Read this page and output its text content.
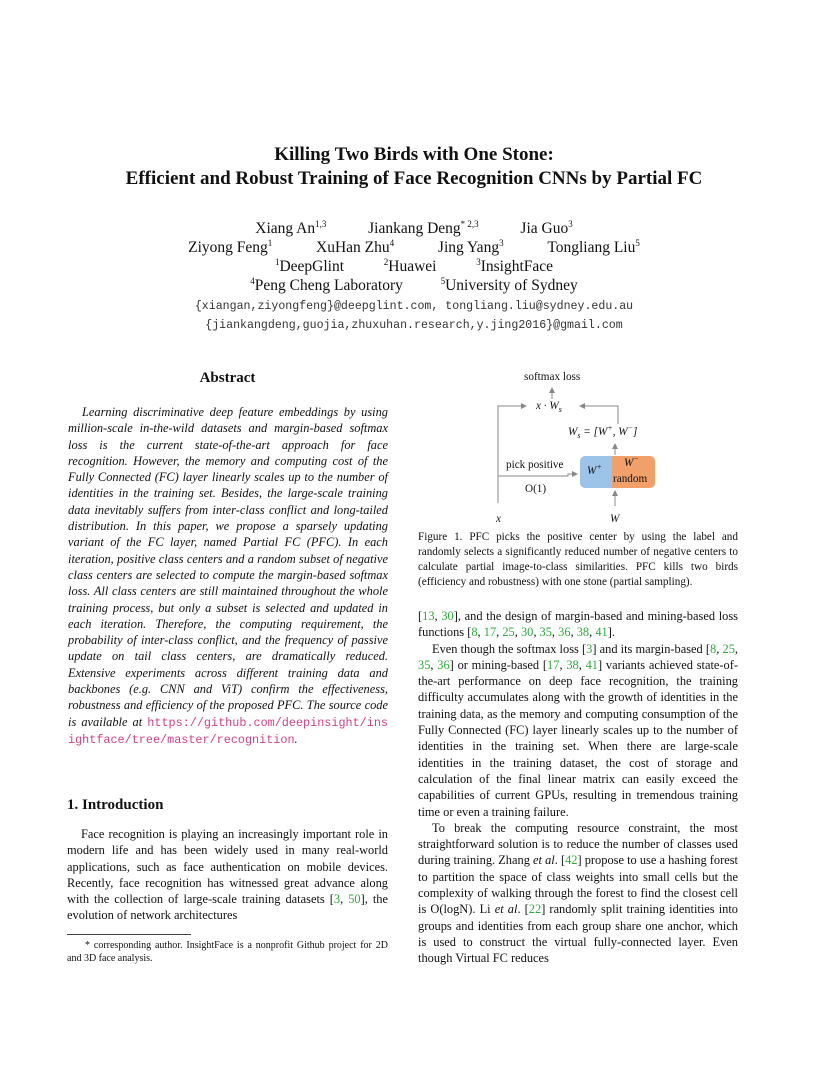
Killing Two Birds with One Stone:
Efficient and Robust Training of Face Recognition CNNs by Partial FC
Xiang An$^{1,3}$	Jiankang Deng$^{* 2,3}$	Jia Guo$^3$
Ziyong Feng$^1$	XuHan Zhu$^4$	Jing Yang$^3$	Tongliang Liu$^5$
$^1$DeepGlint	$^2$Huawei	$^3$InsightFace
$^4$Peng Cheng Laboratory	$^5$University of Sydney
{xiangan,ziyongfeng}@deepglint.com, tongliang.liu@sydney.edu.au
{jiankangdeng,guojia,zhuxuhan.research,y.jing2016}@gmail.com
Abstract

Learning discriminative deep feature embeddings by using million-scale in-the-wild datasets and margin-based softmax loss is the current state-of-the-art approach for face recognition. However, the memory and computing cost of the Fully Connected (FC) layer linearly scales up to the number of identities in the training set. Besides, the large-scale training data inevitably suffers from inter-class conflict and long-tailed distribution. In this paper, we propose a sparsely updating variant of the FC layer, named Partial FC (PFC). In each iteration, positive class centers and a random subset of negative class centers are selected to compute the margin-based softmax loss. All class centers are still maintained throughout the whole training process, but only a subset is selected and updated in each iteration. Therefore, the computing requirement, the probability of inter-class conflict, and the frequency of passive update on tail class centers, are dramatically reduced. Extensive experiments across different training data and backbones (e.g. CNN and ViT) confirm the effectiveness, robustness and efficiency of the proposed PFC. The source code is available at https://github.com/deepinsight/insightface/tree/master/recognition.

1. Introduction

Face recognition is playing an increasingly important role in modern life and has been widely used in many real-world applications, such as face authentication on mobile devices. Recently, face recognition has witnessed great advance along with the collection of large-scale training datasets [3, 50], the evolution of network architectures

* corresponding author. InsightFace is a nonprofit Github project for 2D and 3D face analysis.
softmax loss
$x \cdot W_s$
$W_s = [W^+$, W−]
pick positive
O(1)
W+ W−
random
x	W
Figure 1. PFC picks the positive center by using the label and randomly selects a significantly reduced number of negative centers to calculate partial image-to-class similarities. PFC kills two birds (efficiency and robustness) with one stone (partial sampling).

[13, 30], and the design of margin-based and mining-based loss functions [8, 17, 25, 30, 35, 36, 38, 41].

Even though the softmax loss [3] and its margin-based [8, 25, 35, 36] or mining-based [17, 38, 41] variants achieved state-of-the-art performance on deep face recognition, the training difficulty accumulates along with the growth of identities in the training data, as the memory and computing consumption of the Fully Connected (FC) layer linearly scales up to the number of identities in the training set. When there are large-scale identities in the training dataset, the cost of storage and calculation of the final linear matrix can easily exceed the capabilities of current GPUs, resulting in tremendous training time or even a training failure.

To break the computing resource constraint, the most straightforward solution is to reduce the number of classes used during training. Zhang et al. [42] propose to use a hashing forest to partition the space of class weights into small cells but the complexity of walking through the forest to find the closest cell is O(logN). Li et al. [22] randomly split training identities into groups and identities from each group share one anchor, which is used to construct the virtual fully-connected layer. Even though Virtual FC reduces
